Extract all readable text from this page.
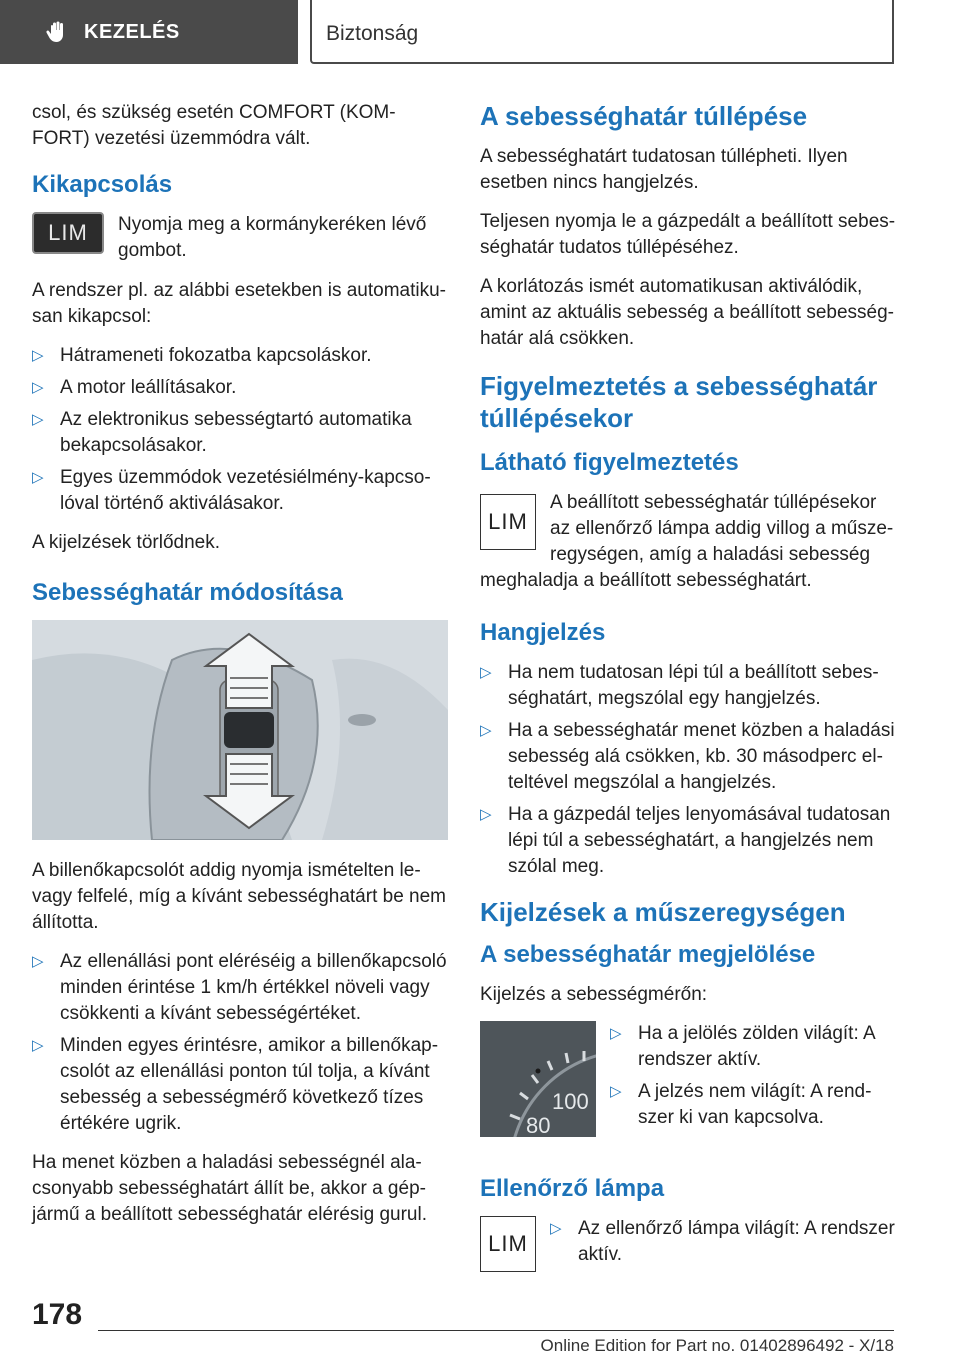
KEZELÉS	Biztonság

csol, és szükség esetén COMFORT (KOM-FORT) vezetési üzemmódra vált.

Kikapcsolás
LIM	Nyomja meg a kormánykeréken lévő gombot.

A rendszer pl. az alábbi esetekben is automatiku-san kikapcsol:

▷ Hátrameneti fokozatba kapcsoláskor.
▷ A motor leállításakor.
▷ Az elektronikus sebességtartó automatika bekapcsolásakor.
▷ Egyes üzemmódok vezetésiélmény-kapcso-lóval történő aktiválásakor.

A kijelzések törlődnek.

Sebességhatár módosítása

A billenőkapcsolót addig nyomja ismételten le- vagy felfelé, míg a kívánt sebességhatárt be nem állította.

▷ Az ellenállási pont eléréséig a billenőkapcsoló minden érintése 1 km/h értékkel növeli vagy csökkenti a kívánt sebességértéket.
▷ Minden egyes érintésre, amikor a billenőkap-csolót az ellenállási ponton túl tolja, a kívánt sebesség a sebességmérő következő tízes értékére ugrik.

Ha menet közben a haladási sebességnél ala-csonyabb sebességhatárt állít be, akkor a gép-jármű a beállított sebességhatár elérésig gurul.

A sebességhatár túllépése

A sebességhatárt tudatosan túllépheti. Ilyen esetben nincs hangjelzés.

Teljesen nyomja le a gázpedált a beállított sebes-séghatár tudatos túllépéséhez.

A korlátozás ismét automatikusan aktiválódik, amint az aktuális sebesség a beállított sebesség-határ alá csökken.

Figyelmeztetés a sebességhatár túllépésekor
Látható figyelmeztetés
LIM

A beállított sebességhatár túllépésekor az ellenőrző lámpa addig villog a műsze-regységen, amíg a haladási sebesség meghaladja a beállított sebességhatárt.

Hangjelzés
▷ Ha nem tudatosan lépi túl a beállított sebes-séghatárt, megszólal egy hangjelzés.
▷ Ha a sebességhatár menet közben a haladási sebesség alá csökken, kb. 30 másodperc el-teltével megszólal a hangjelzés.
▷ Ha a gázpedál teljes lenyomásával tudatosan lépi túl a sebességhatárt, a hangjelzés nem szólal meg.
Kijelzések a műszeregységen
A sebességhatár megjelölése

Kijelzés a sebességmérőn:

100
80
▷ Ha a jelölés zölden világít: A rendszer aktív.
▷ A jelzés nem világít: A rend-szer ki van kapcsolva.
Ellenőrző lámpa
LIM
▷ Az ellenőrző lámpa világít: A rendszer aktív.
178
Online Edition for Part no. 01402896492 - X/18
